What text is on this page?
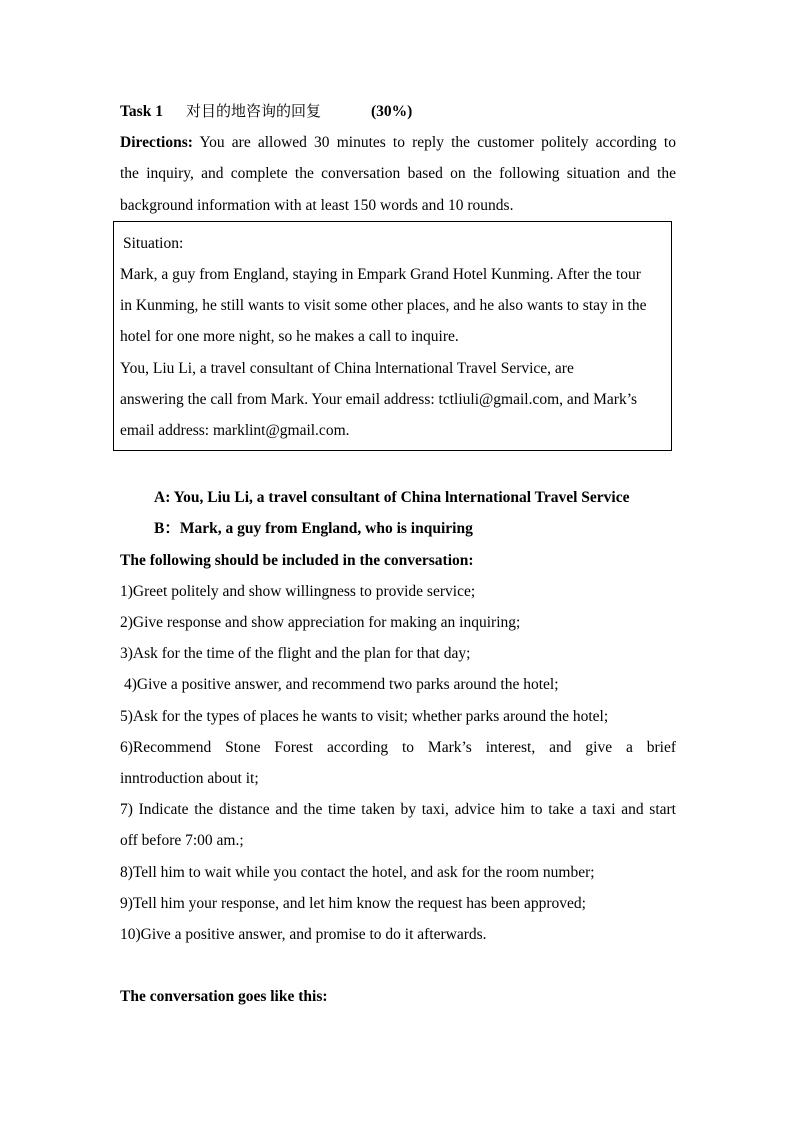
Task 1 对目的地咨询的回复	(30%)
Directions: You are allowed 30 minutes to reply the customer politely according to
the inquiry, and complete the conversation based on the following situation and the
background information with at least 150 words and 10 rounds.
Situation:
Mark, a guy from England, staying in Empark Grand Hotel Kunming. After the tour
in Kunming, he still wants to visit some other places, and he also wants to stay in the
hotel for one more night, so he makes a call to inquire.
You, Liu Li, a travel consultant of China lnternational Travel Service, are
answering the call from Mark. Your email address: tctliuli@gmail.com, and Mark’s
email address: marklint@gmail.com.
A: You, Liu Li, a travel consultant of China lnternational Travel Service
B：Mark, a guy from England, who is inquiring
The following should be included in the conversation:
1)Greet politely and show willingness to provide service;
2)Give response and show appreciation for making an inquiring;
3)Ask for the time of the flight and the plan for that day;
4)Give a positive answer, and recommend two parks around the hotel;
5)Ask for the types of places he wants to visit; whether parks around the hotel;
6)Recommend Stone Forest according to Mark’s interest, and give a brief
inntroduction about it;
7) Indicate the distance and the time taken by taxi, advice him to take a taxi and start
off before 7:00 am.;
8)Tell him to wait while you contact the hotel, and ask for the room number;
9)Tell him your response, and let him know the request has been approved;
10)Give a positive answer, and promise to do it afterwards.
The conversation goes like this:
